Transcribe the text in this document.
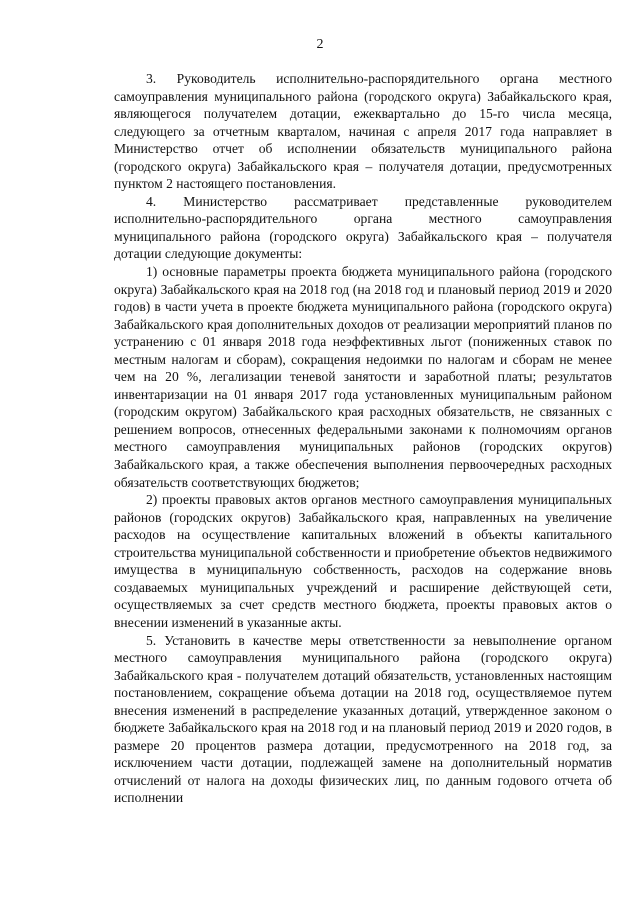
2

3. Руководитель исполнительно-распорядительного органа местного самоуправления муниципального района (городского округа) Забайкальского края, являющегося получателем дотации, ежеквартально до 15-го числа месяца, следующего за отчетным кварталом, начиная с апреля 2017 года направляет в Министерство отчет об исполнении обязательств муниципального района (городского округа) Забайкальского края – получателя дотации, предусмотренных пунктом 2 настоящего постановления.

4. Министерство рассматривает представленные руководителем исполнительно-распорядительного органа местного самоуправления муниципального района (городского округа) Забайкальского края – получателя дотации следующие документы:

1) основные параметры проекта бюджета муниципального района (городского округа) Забайкальского края на 2018 год (на 2018 год и плановый период 2019 и 2020 годов) в части учета в проекте бюджета муниципального района (городского округа) Забайкальского края дополнительных доходов от реализации мероприятий планов по устранению с 01 января 2018 года неэффективных льгот (пониженных ставок по местным налогам и сборам), сокращения недоимки по налогам и сборам не менее чем на 20 %, легализации теневой занятости и заработной платы; результатов инвентаризации на 01 января 2017 года установленных муниципальным районом (городским округом) Забайкальского края расходных обязательств, не связанных с решением вопросов, отнесенных федеральными законами к полномочиям органов местного самоуправления муниципальных районов (городских округов) Забайкальского края, а также обеспечения выполнения первоочередных расходных обязательств соответствующих бюджетов;

2) проекты правовых актов органов местного самоуправления муниципальных районов (городских округов) Забайкальского края, направленных на увеличение расходов на осуществление капитальных вложений в объекты капитального строительства муниципальной собственности и приобретение объектов недвижимого имущества в муниципальную собственность, расходов на содержание вновь создаваемых муниципальных учреждений и расширение действующей сети, осуществляемых за счет средств местного бюджета, проекты правовых актов о внесении изменений в указанные акты.

5. Установить в качестве меры ответственности за невыполнение органом местного самоуправления муниципального района (городского округа) Забайкальского края - получателем дотаций обязательств, установленных настоящим постановлением, сокращение объема дотации на 2018 год, осуществляемое путем внесения изменений в распределение указанных дотаций, утвержденное законом о бюджете Забайкальского края на 2018 год и на плановый период 2019 и 2020 годов, в размере 20 процентов размера дотации, предусмотренного на 2018 год, за исключением части дотации, подлежащей замене на дополнительный норматив отчислений от налога на доходы физических лиц, по данным годового отчета об исполнении
